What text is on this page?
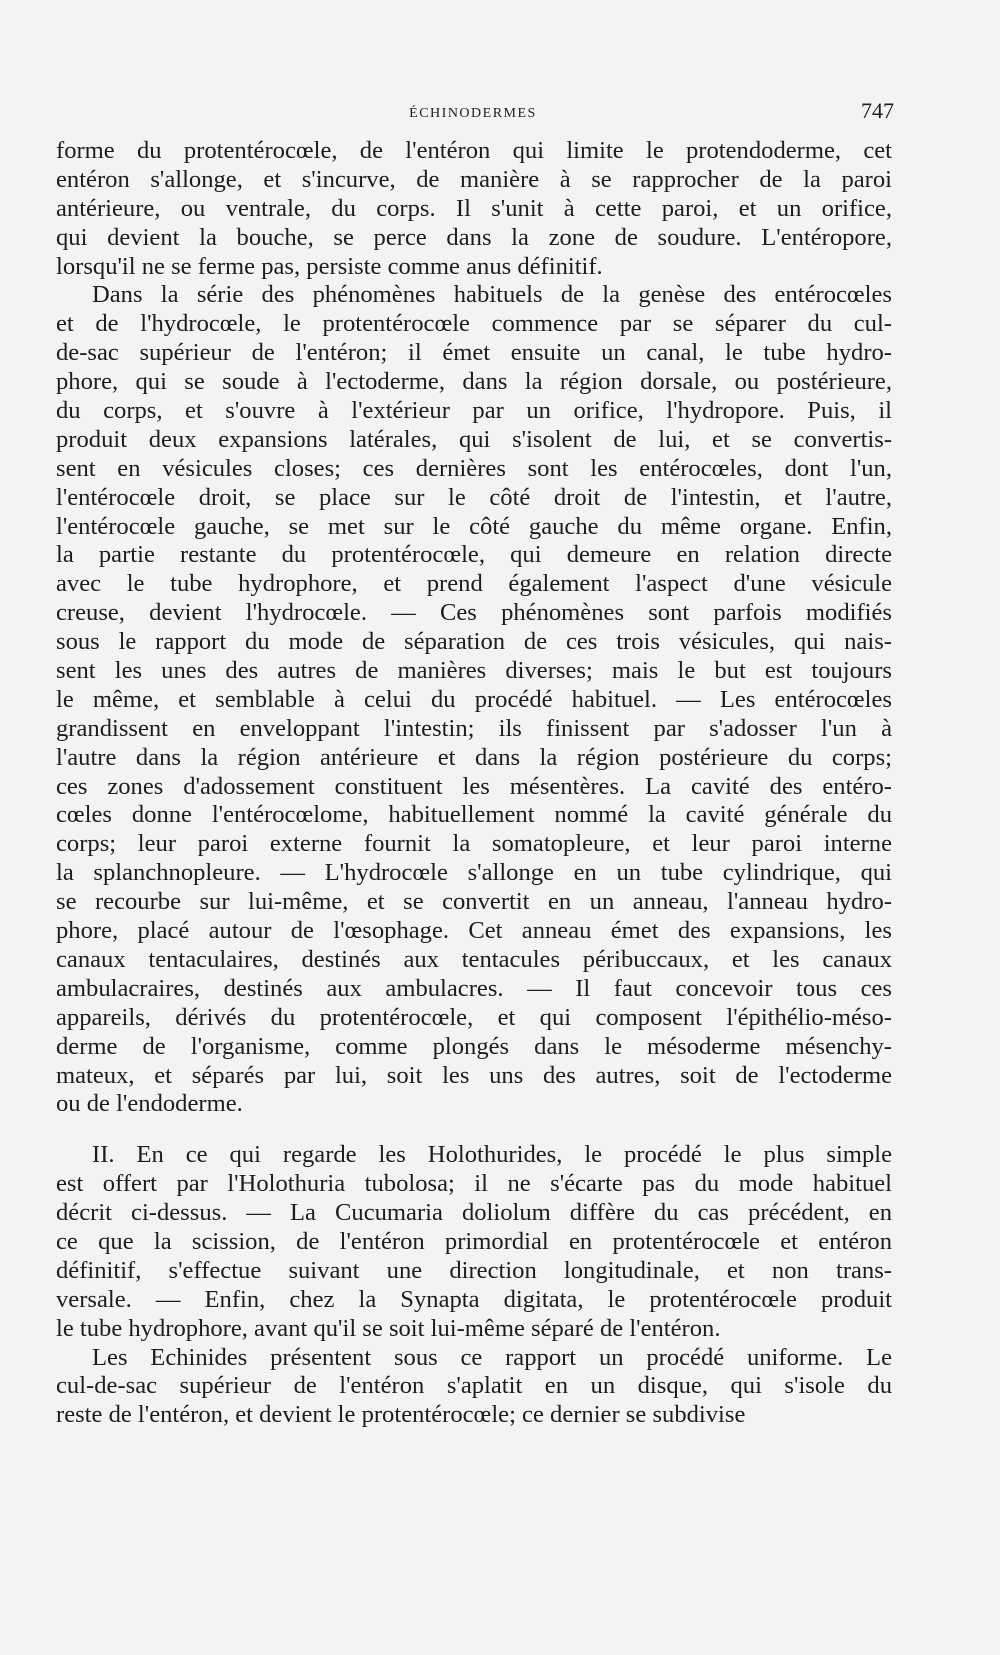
ÉCHINODERMES	747
forme du protentérocœle, de l'entéron qui limite le protendoderme, cet
entéron s'allonge, et s'incurve, de manière à se rapprocher de la paroi
antérieure, ou ventrale, du corps. Il s'unit à cette paroi, et un orifice,
qui devient la bouche, se perce dans la zone de soudure. L'entéropore,
lorsqu'il ne se ferme pas, persiste comme anus définitif.
Dans la série des phénomènes habituels de la genèse des entérocœles
et de l'hydrocœle, le protentérocœle commence par se séparer du cul-
de-sac supérieur de l'entéron; il émet ensuite un canal, le tube hydro-
phore, qui se soude à l'ectoderme, dans la région dorsale, ou postérieure,
du corps, et s'ouvre à l'extérieur par un orifice, l'hydropore. Puis, il
produit deux expansions latérales, qui s'isolent de lui, et se convertis-
sent en vésicules closes; ces dernières sont les entérocœles, dont l'un,
l'entérocœle droit, se place sur le côté droit de l'intestin, et l'autre,
l'entérocœle gauche, se met sur le côté gauche du même organe. Enfin,
la partie restante du protentérocœle, qui demeure en relation directe
avec le tube hydrophore, et prend également l'aspect d'une vésicule
creuse, devient l'hydrocœle. — Ces phénomènes sont parfois modifiés
sous le rapport du mode de séparation de ces trois vésicules, qui nais-
sent les unes des autres de manières diverses; mais le but est toujours
le même, et semblable à celui du procédé habituel. — Les entérocœles
grandissent en enveloppant l'intestin; ils finissent par s'adosser l'un à
l'autre dans la région antérieure et dans la région postérieure du corps;
ces zones d'adossement constituent les mésentères. La cavité des entéro-
cœles donne l'entérocœlome, habituellement nommé la cavité générale du
corps; leur paroi externe fournit la somatopleure, et leur paroi interne
la splanchnopleure. — L'hydrocœle s'allonge en un tube cylindrique, qui
se recourbe sur lui-même, et se convertit en un anneau, l'anneau hydro-
phore, placé autour de l'œsophage. Cet anneau émet des expansions, les
canaux tentaculaires, destinés aux tentacules péribuccaux, et les canaux
ambulacraires, destinés aux ambulacres. — Il faut concevoir tous ces
appareils, dérivés du protentérocœle, et qui composent l'épithélio-méso-
derme de l'organisme, comme plongés dans le mésoderme mésenchy-
mateux, et séparés par lui, soit les uns des autres, soit de l'ectoderme
ou de l'endoderme.
II. En ce qui regarde les Holothurides, le procédé le plus simple
est offert par l'Holothuria tubolosa; il ne s'écarte pas du mode habituel
décrit ci-dessus. — La Cucumaria doliolum diffère du cas précédent, en
ce que la scission, de l'entéron primordial en protentérocœle et entéron
définitif, s'effectue suivant une direction longitudinale, et non trans-
versale. — Enfin, chez la Synapta digitata, le protentérocœle produit
le tube hydrophore, avant qu'il se soit lui-même séparé de l'entéron.
Les Echinides présentent sous ce rapport un procédé uniforme. Le
cul-de-sac supérieur de l'entéron s'aplatit en un disque, qui s'isole du
reste de l'entéron, et devient le protentérocœle; ce dernier se subdivise
